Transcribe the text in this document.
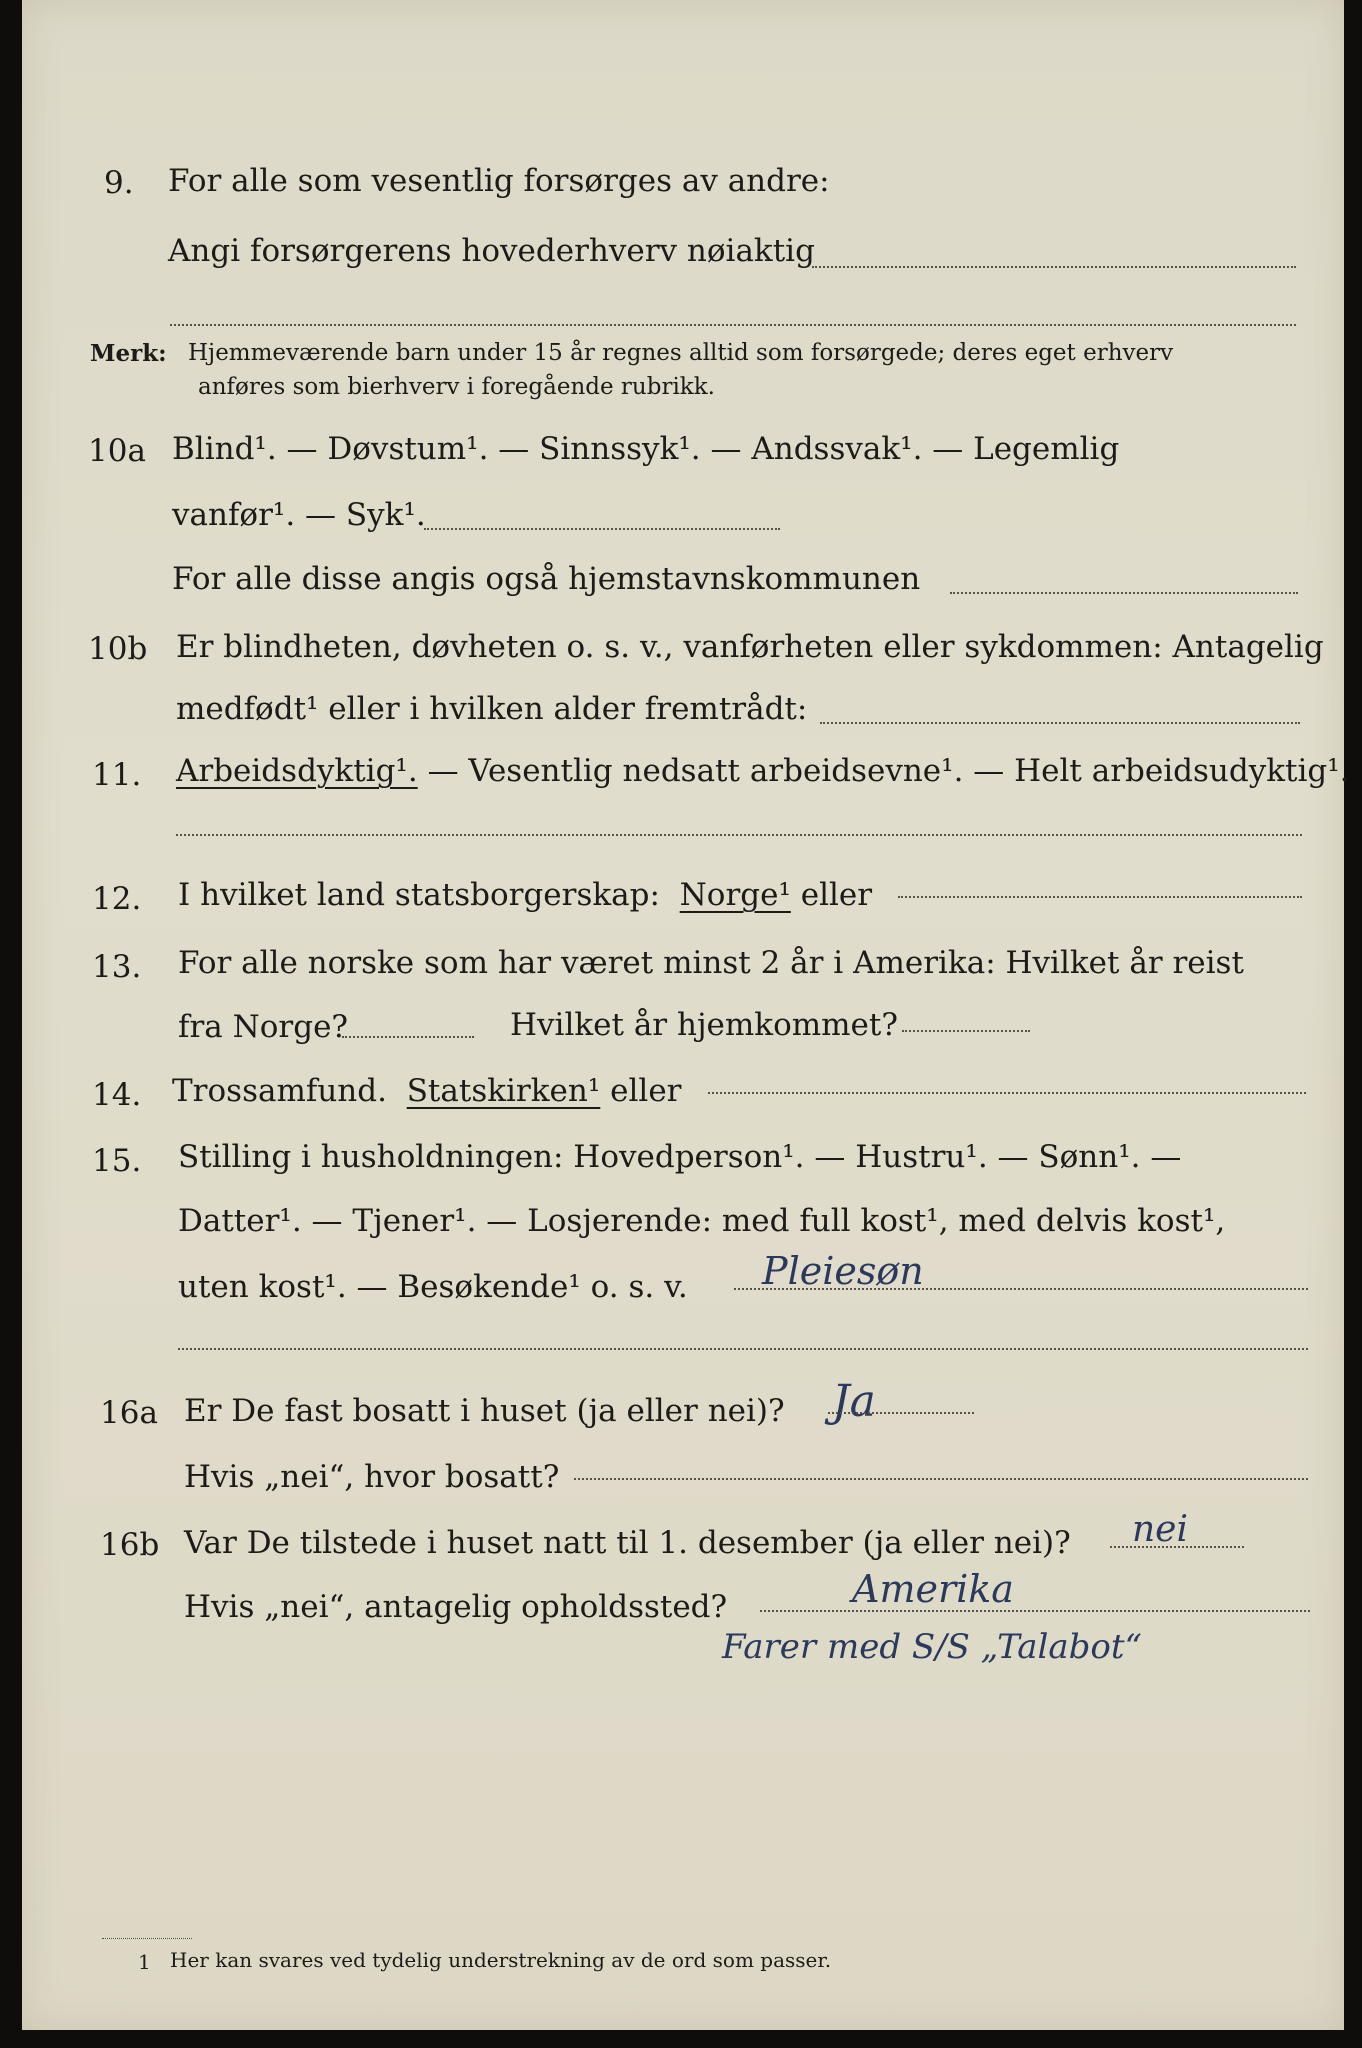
9. For alle som vesentlig forsørges av andre:
Angi forsørgerens hovederhverv nøiaktig
Merk: Hjemmeværende barn under 15 år regnes alltid som forsørgede; deres eget erhverv
anføres som bierhverv i foregående rubrikk.
10a Blind¹. — Døvstum¹. — Sinnssyk¹. — Andssvak¹. — Legemlig
vanfør¹. — Syk¹.
For alle disse angis også hjemstavnskommunen
10b Er blindheten, døvheten o. s. v., vanførheten eller sykdommen: Antagelig
medfødt¹ eller i hvilken alder fremtrådt:
11. Arbeidsdyktig¹. — Vesentlig nedsatt arbeidsevne¹. — Helt arbeidsudyktig¹.
12. I hvilket land statsborgerskap: Norge¹ eller
13. For alle norske som har været minst 2 år i Amerika: Hvilket år reist
fra Norge?	Hvilket år hjemkommet?
14. Trossamfund. Statskirken¹ eller
15. Stilling i husholdningen: Hovedperson¹. — Hustru¹. — Sønn¹. —
Datter¹. — Tjener¹. — Losjerende: med full kost¹, med delvis kost¹,
uten kost¹. — Besøkende¹ o. s. v. Pleiesøn
16a Er De fast bosatt i huset (ja eller nei)? Ja
Hvis „nei“, hvor bosatt?
16b Var De tilstede i huset natt til 1. desember (ja eller nei)? nei
Hvis „nei“, antagelig opholdssted?	Amerika
Farer med S/S „Talabot“
1 Her kan svares ved tydelig understrekning av de ord som passer.
